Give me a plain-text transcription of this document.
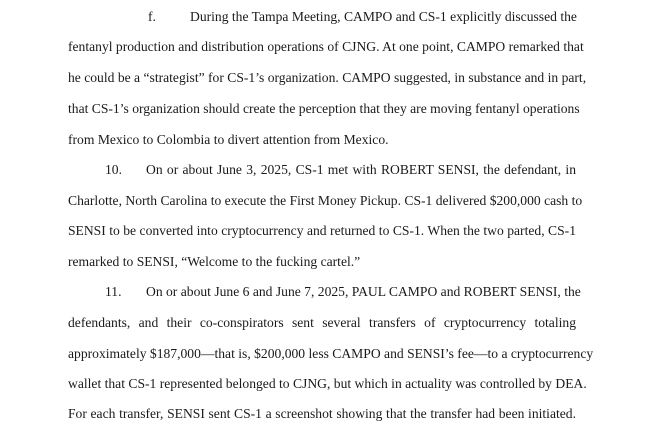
f.	During the Tampa Meeting, CAMPO and CS-1 explicitly discussed the
fentanyl production and distribution operations of CJNG. At one point, CAMPO remarked that
he could be a “strategist” for CS-1’s organization. CAMPO suggested, in substance and in part,
that CS-1’s organization should create the perception that they are moving fentanyl operations
from Mexico to Colombia to divert attention from Mexico.
10. On or about June 3, 2025, CS-1 met with ROBERT SENSI, the defendant, in
Charlotte, North Carolina to execute the First Money Pickup. CS-1 delivered $200,000 cash to
SENSI to be converted into cryptocurrency and returned to CS-1. When the two parted, CS-1
remarked to SENSI, “Welcome to the fucking cartel.”
11. On or about June 6 and June 7, 2025, PAUL CAMPO and ROBERT SENSI, the
defendants, and their co-conspirators sent several transfers of cryptocurrency totaling
approximately $187,000—that is, $200,000 less CAMPO and SENSI’s fee—to a cryptocurrency
wallet that CS-1 represented belonged to CJNG, but which in actuality was controlled by DEA.
For each transfer, SENSI sent CS-1 a screenshot showing that the transfer had been initiated.
